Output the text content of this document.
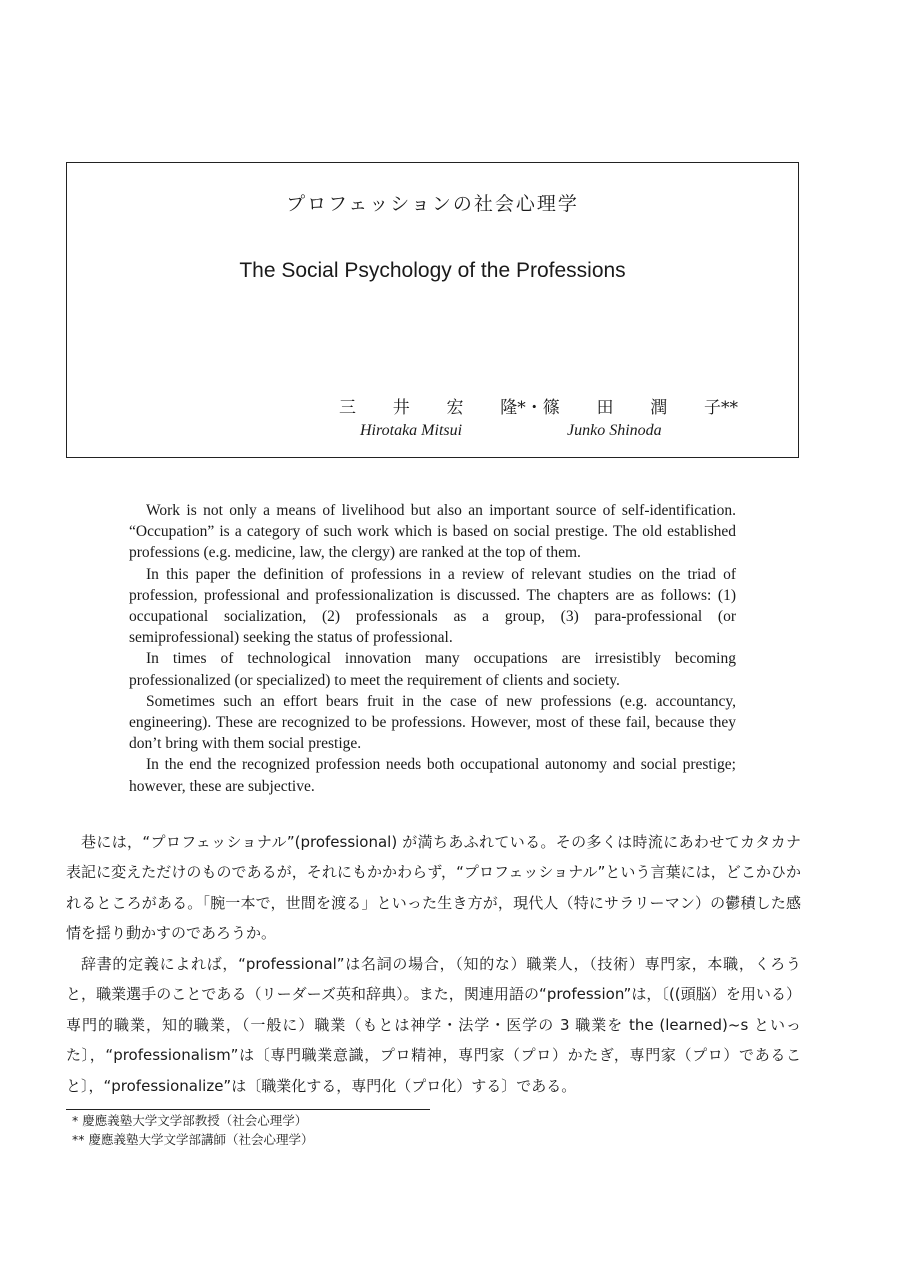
プロフェッションの社会心理学
The Social Psychology of the Professions
三 井 宏 隆*・篠 田 潤 子**
Hirotaka Mitsui	Junko Shinoda

Work is not only a means of livelihood but also an important source of self-identification. “Occupation” is a category of such work which is based on social prestige. The old established professions (e.g. medicine, law, the clergy) are ranked at the top of them.

In this paper the definition of professions in a review of relevant studies on the triad of profession, professional and professionalization is discussed. The chapters are as follows: (1) occupational socialization, (2) professionals as a group, (3) para-professional (or semiprofessional) seeking the status of professional.

In times of technological innovation many occupations are irresistibly becoming professionalized (or specialized) to meet the requirement of clients and society.

Sometimes such an effort bears fruit in the case of new professions (e.g. accountancy, engineering). These are recognized to be professions. However, most of these fail, because they don’t bring with them social prestige.

In the end the recognized profession needs both occupational autonomy and social prestige; however, these are subjective.

巷には，“プロフェッショナル”(professional) が満ちあふれている。その多くは時流にあわせてカタカナ表記に変えただけのものであるが，それにもかかわらず，“プロフェッショナル”という言葉には，どこかひかれるところがある。「腕一本で，世間を渡る」といった生き方が，現代人（特にサラリーマン）の鬱積した感情を揺り動かすのであろうか。

辞書的定義によれば，“professional”は名詞の場合，（知的な）職業人，（技術）専門家，本職，くろうと，職業選手のことである（リーダーズ英和辞典）。また，関連用語の“profession”は，〔((頭脳）を用いる）専門的職業，知的職業，（一般に）職業（もとは神学・法学・医学の 3 職業を the (learned)~s といった〕，“professionalism”は〔専門職業意識，プロ精神，専門家（プロ）かたぎ，専門家（プロ）であること〕，“professionalize”は〔職業化する，専門化（プロ化）する〕である。

* 慶應義塾大学文学部教授（社会心理学）
** 慶應義塾大学文学部講師（社会心理学）
